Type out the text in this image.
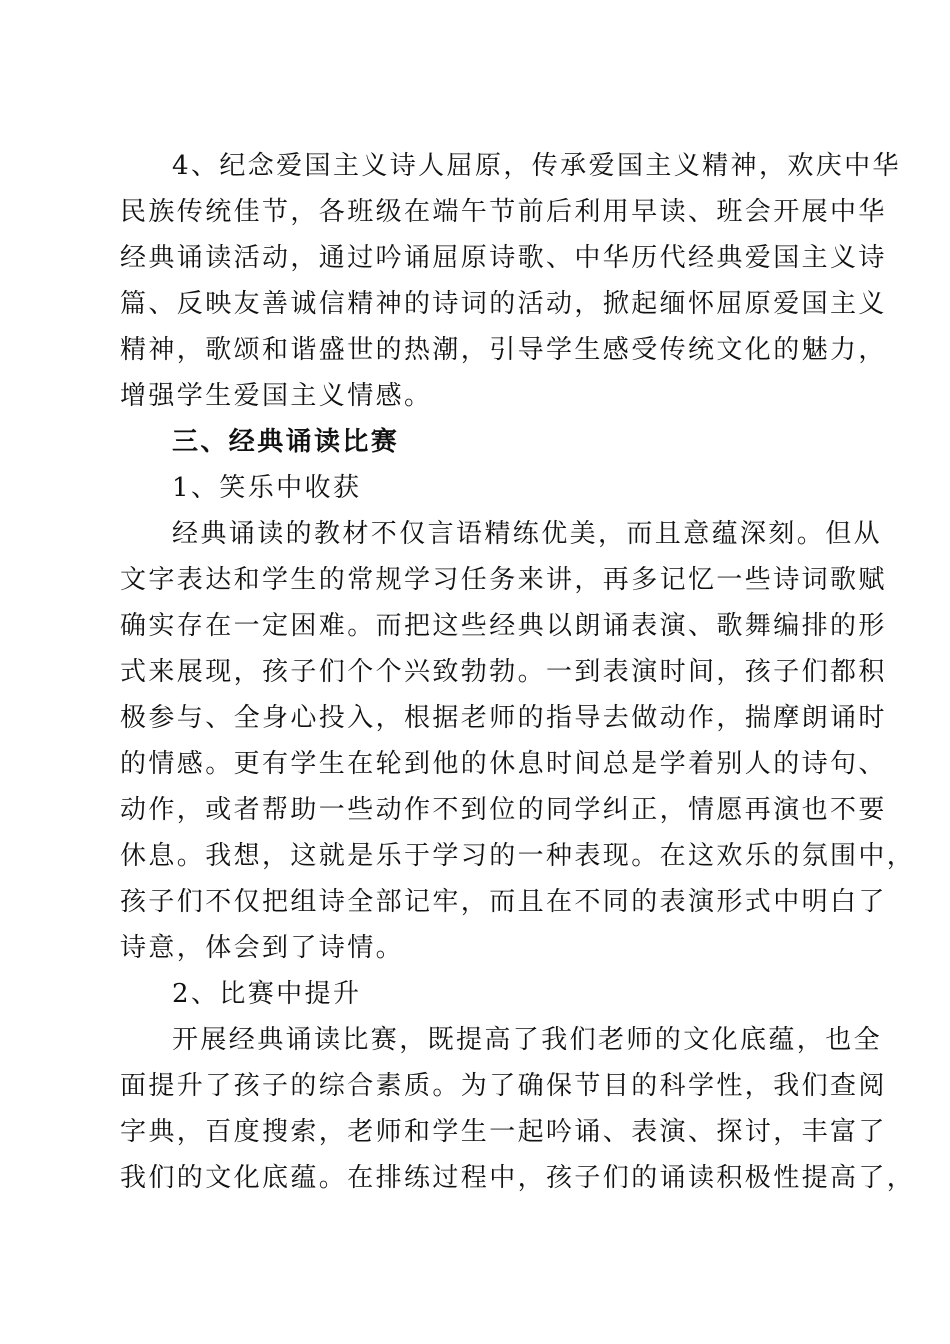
4、纪念爱国主义诗人屈原，传承爱国主义精神，欢庆中华
民族传统佳节，各班级在端午节前后利用早读、班会开展中华
经典诵读活动，通过吟诵屈原诗歌、中华历代经典爱国主义诗
篇、反映友善诚信精神的诗词的活动，掀起缅怀屈原爱国主义
精神，歌颂和谐盛世的热潮，引导学生感受传统文化的魅力，
增强学生爱国主义情感。
三、经典诵读比赛
1、笑乐中收获
经典诵读的教材不仅言语精练优美，而且意蕴深刻。但从
文字表达和学生的常规学习任务来讲，再多记忆一些诗词歌赋
确实存在一定困难。而把这些经典以朗诵表演、歌舞编排的形
式来展现，孩子们个个兴致勃勃。一到表演时间，孩子们都积
极参与、全身心投入，根据老师的指导去做动作，揣摩朗诵时
的情感。更有学生在轮到他的休息时间总是学着别人的诗句、
动作，或者帮助一些动作不到位的同学纠正，情愿再演也不要
休息。我想，这就是乐于学习的一种表现。在这欢乐的氛围中，
孩子们不仅把组诗全部记牢，而且在不同的表演形式中明白了
诗意，体会到了诗情。
2、比赛中提升
开展经典诵读比赛，既提高了我们老师的文化底蕴，也全
面提升了孩子的综合素质。为了确保节目的科学性，我们查阅
字典，百度搜索，老师和学生一起吟诵、表演、探讨，丰富了
我们的文化底蕴。在排练过程中，孩子们的诵读积极性提高了，
